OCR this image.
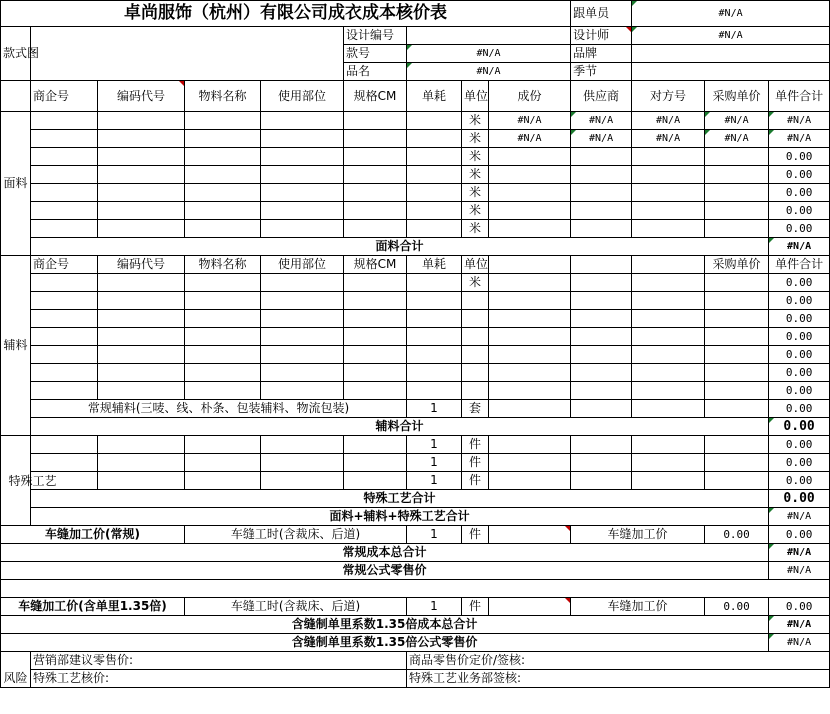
卓尚服饰（杭州）有限公司成衣成本核价表									跟单员	#N/A		
款式图					设计编号				设计师	#N/A		
					款号	#N/A			品牌			
					品名	#N/A			季节			
	商企号	编码代号	物料名称	使用部位	规格CM	单耗	单位	成份	供应商	对方号	采购单价	单件合计
面料							米	#N/A	#N/A	#N/A	#N/A	#N/A
							米	#N/A	#N/A	#N/A	#N/A	#N/A
							米					0.00
							米					0.00
							米					0.00
							米					0.00
							米					0.00
	面料合计											#N/A
辅料	商企号	编码代号	物料名称	使用部位	规格CM	单耗	单位				采购单价	单件合计
							米					0.00
												0.00
												0.00
												0.00
												0.00
												0.00
												0.00
	常规辅料(三唛、线、朴条、包装辅料、物流包装)					1	套					0.00
	辅料合计											0.00
特殊工艺						1	件					0.00
						1	件					0.00
						1	件					0.00
	特殊工艺合计											0.00
	面料+辅料+特殊工艺合计											#N/A
车缝加工价(常规)			车缝工时(含裁床、后道)			1	件		车缝加工价		0.00	0.00
常规成本总合计												#N/A
常规公式零售价												#N/A

车缝加工价(含单里1.35倍)			车缝工时(含裁床、后道)			1	件		车缝加工价		0.00	0.00
含缝制单里系数1.35倍成本总合计												#N/A
含缝制单里系数1.35倍公式零售价												#N/A
风险	营销部建议零售价:					商品零售价定价/签核:						
	特殊工艺核价:					特殊工艺业务部签核:						
